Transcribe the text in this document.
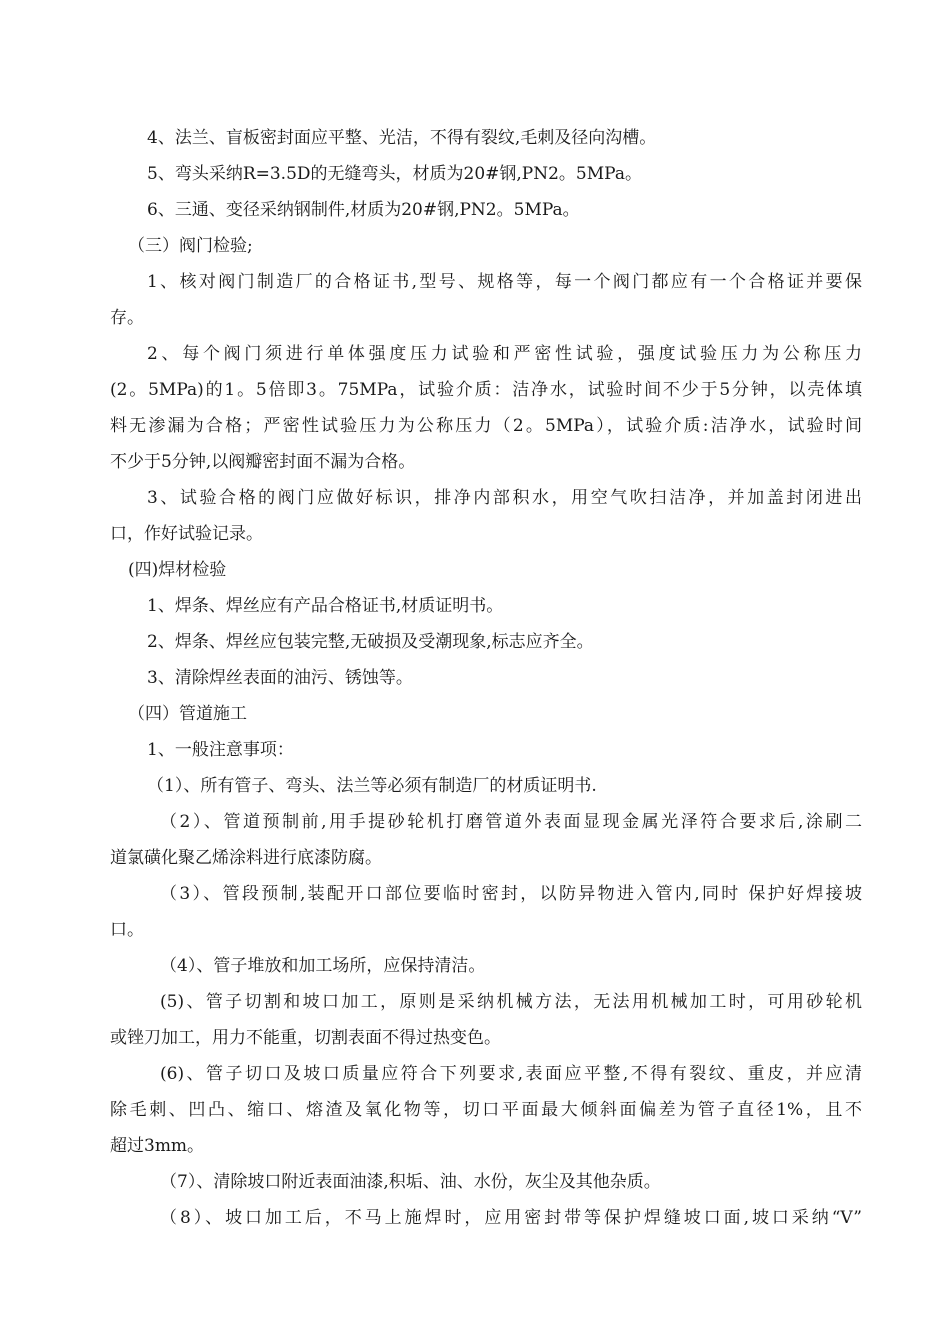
4、法兰、盲板密封面应平整、光洁，不得有裂纹,毛刺及径向沟槽。
5、弯头采纳R=3.5D的无缝弯头，材质为20#钢,PN2。5MPa。
6、三通、变径采纳钢制件,材质为20#钢,PN2。5MPa。
（三）阀门检验;
1、核对阀门制造厂的合格证书,型号、规格等，每一个阀门都应有一个合格证并要保
存。
2、每个阀门须进行单体强度压力试验和严密性试验，强度试验压力为公称压力
(2。5MPa)的1。5倍即3。75MPa，试验介质：洁净水，试验时间不少于5分钟，以壳体填
料无渗漏为合格；严密性试验压力为公称压力（2。5MPa），试验介质:洁净水，试验时间
不少于5分钟,以阀瓣密封面不漏为合格。
3、试验合格的阀门应做好标识，排净内部积水，用空气吹扫洁净，并加盖封闭进出
口，作好试验记录。
(四)焊材检验
1、焊条、焊丝应有产品合格证书,材质证明书。
2、焊条、焊丝应包装完整,无破损及受潮现象,标志应齐全。
3、清除焊丝表面的油污、锈蚀等。
（四）管道施工
1、一般注意事项：
（1）、所有管子、弯头、法兰等必须有制造厂的材质证明书.
（2）、管道预制前,用手提砂轮机打磨管道外表面显现金属光泽符合要求后,涂刷二
道氯磺化聚乙烯涂料进行底漆防腐。
（3）、管段预制,装配开口部位要临时密封，以防异物进入管内,同时 保护好焊接坡
口。
（4）、管子堆放和加工场所，应保持清洁。
(5)、管子切割和坡口加工，原则是采纳机械方法，无法用机械加工时，可用砂轮机
或锉刀加工，用力不能重，切割表面不得过热变色。
(6)、管子切口及坡口质量应符合下列要求,表面应平整,不得有裂纹、重皮，并应清
除毛刺、凹凸、缩口、熔渣及氧化物等，切口平面最大倾斜面偏差为管子直径1%，且不
超过3mm。
（7）、清除坡口附近表面油漆,积垢、油、水份，灰尘及其他杂质。
（8）、坡口加工后，不马上施焊时，应用密封带等保护焊缝坡口面,坡口采纳“V”
